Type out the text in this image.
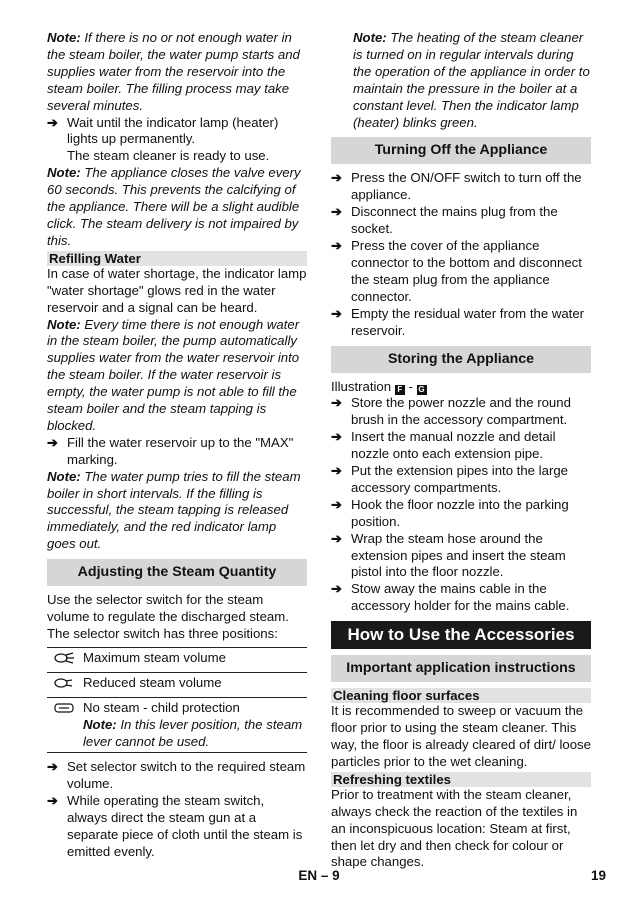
Note: If there is no or not enough water in the steam boiler, the water pump starts and supplies water from the reservoir into the steam boiler. The filling process may take several minutes.

➔ Wait until the indicator lamp (heater) lights up permanently.

The steam cleaner is ready to use.

Note: The appliance closes the valve every 60 seconds. This prevents the calcifying of the appliance. There will be a slight audible click. The steam delivery is not impaired by this.

Refilling Water

In case of water shortage, the indicator lamp "water shortage" glows red in the water reservoir and a signal can be heard.

Note: Every time there is not enough water in the steam boiler, the pump automatically supplies water from the water reservoir into the steam boiler. If the water reservoir is empty, the water pump is not able to fill the steam boiler and the steam tapping is blocked.

➔ Fill the water reservoir up to the "MAX" marking.

Note: The water pump tries to fill the steam boiler in short intervals. If the filling is successful, the steam tapping is released immediately, and the red indicator lamp goes out.

Adjusting the Steam Quantity

Use the selector switch for the steam volume to regulate the discharged steam. The selector switch has three positions:

	Maximum steam volume
	Reduced steam volume

No steam - child protection
Note: In this lever position, the steam lever cannot be used.
➔ Set selector switch to the required steam volume.
➔ While operating the steam switch, always direct the steam gun at a separate piece of cloth until the steam is emitted evenly.

Note: The heating of the steam cleaner is turned on in regular intervals during the operation of the appliance in order to maintain the pressure in the boiler at a constant level. Then the indicator lamp (heater) blinks green.

Turning Off the Appliance
➔ Press the ON/OFF switch to turn off the appliance.
➔ Disconnect the mains plug from the socket.
➔ Press the cover of the appliance connector to the bottom and disconnect the steam plug from the appliance connector.
➔ Empty the residual water from the water reservoir.
Storing the Appliance

Illustration F - G

➔ Store the power nozzle and the round brush in the accessory compartment.
➔ Insert the manual nozzle and detail nozzle onto each extension pipe.
➔ Put the extension pipes into the large accessory compartments.
➔ Hook the floor nozzle into the parking position.
➔ Wrap the steam hose around the extension pipes and insert the steam pistol into the floor nozzle.
➔ Stow away the mains cable in the accessory holder for the mains cable.
How to Use the Accessories
Important application instructions
Cleaning floor surfaces

It is recommended to sweep or vacuum the floor prior to using the steam cleaner. This way, the floor is already cleared of dirt/ loose particles prior to the wet cleaning.

Refreshing textiles

Prior to treatment with the steam cleaner, always check the reaction of the textiles in an inconspicuous location: Steam at first, then let dry and then check for colour or shape changes.

EN – 9	19
